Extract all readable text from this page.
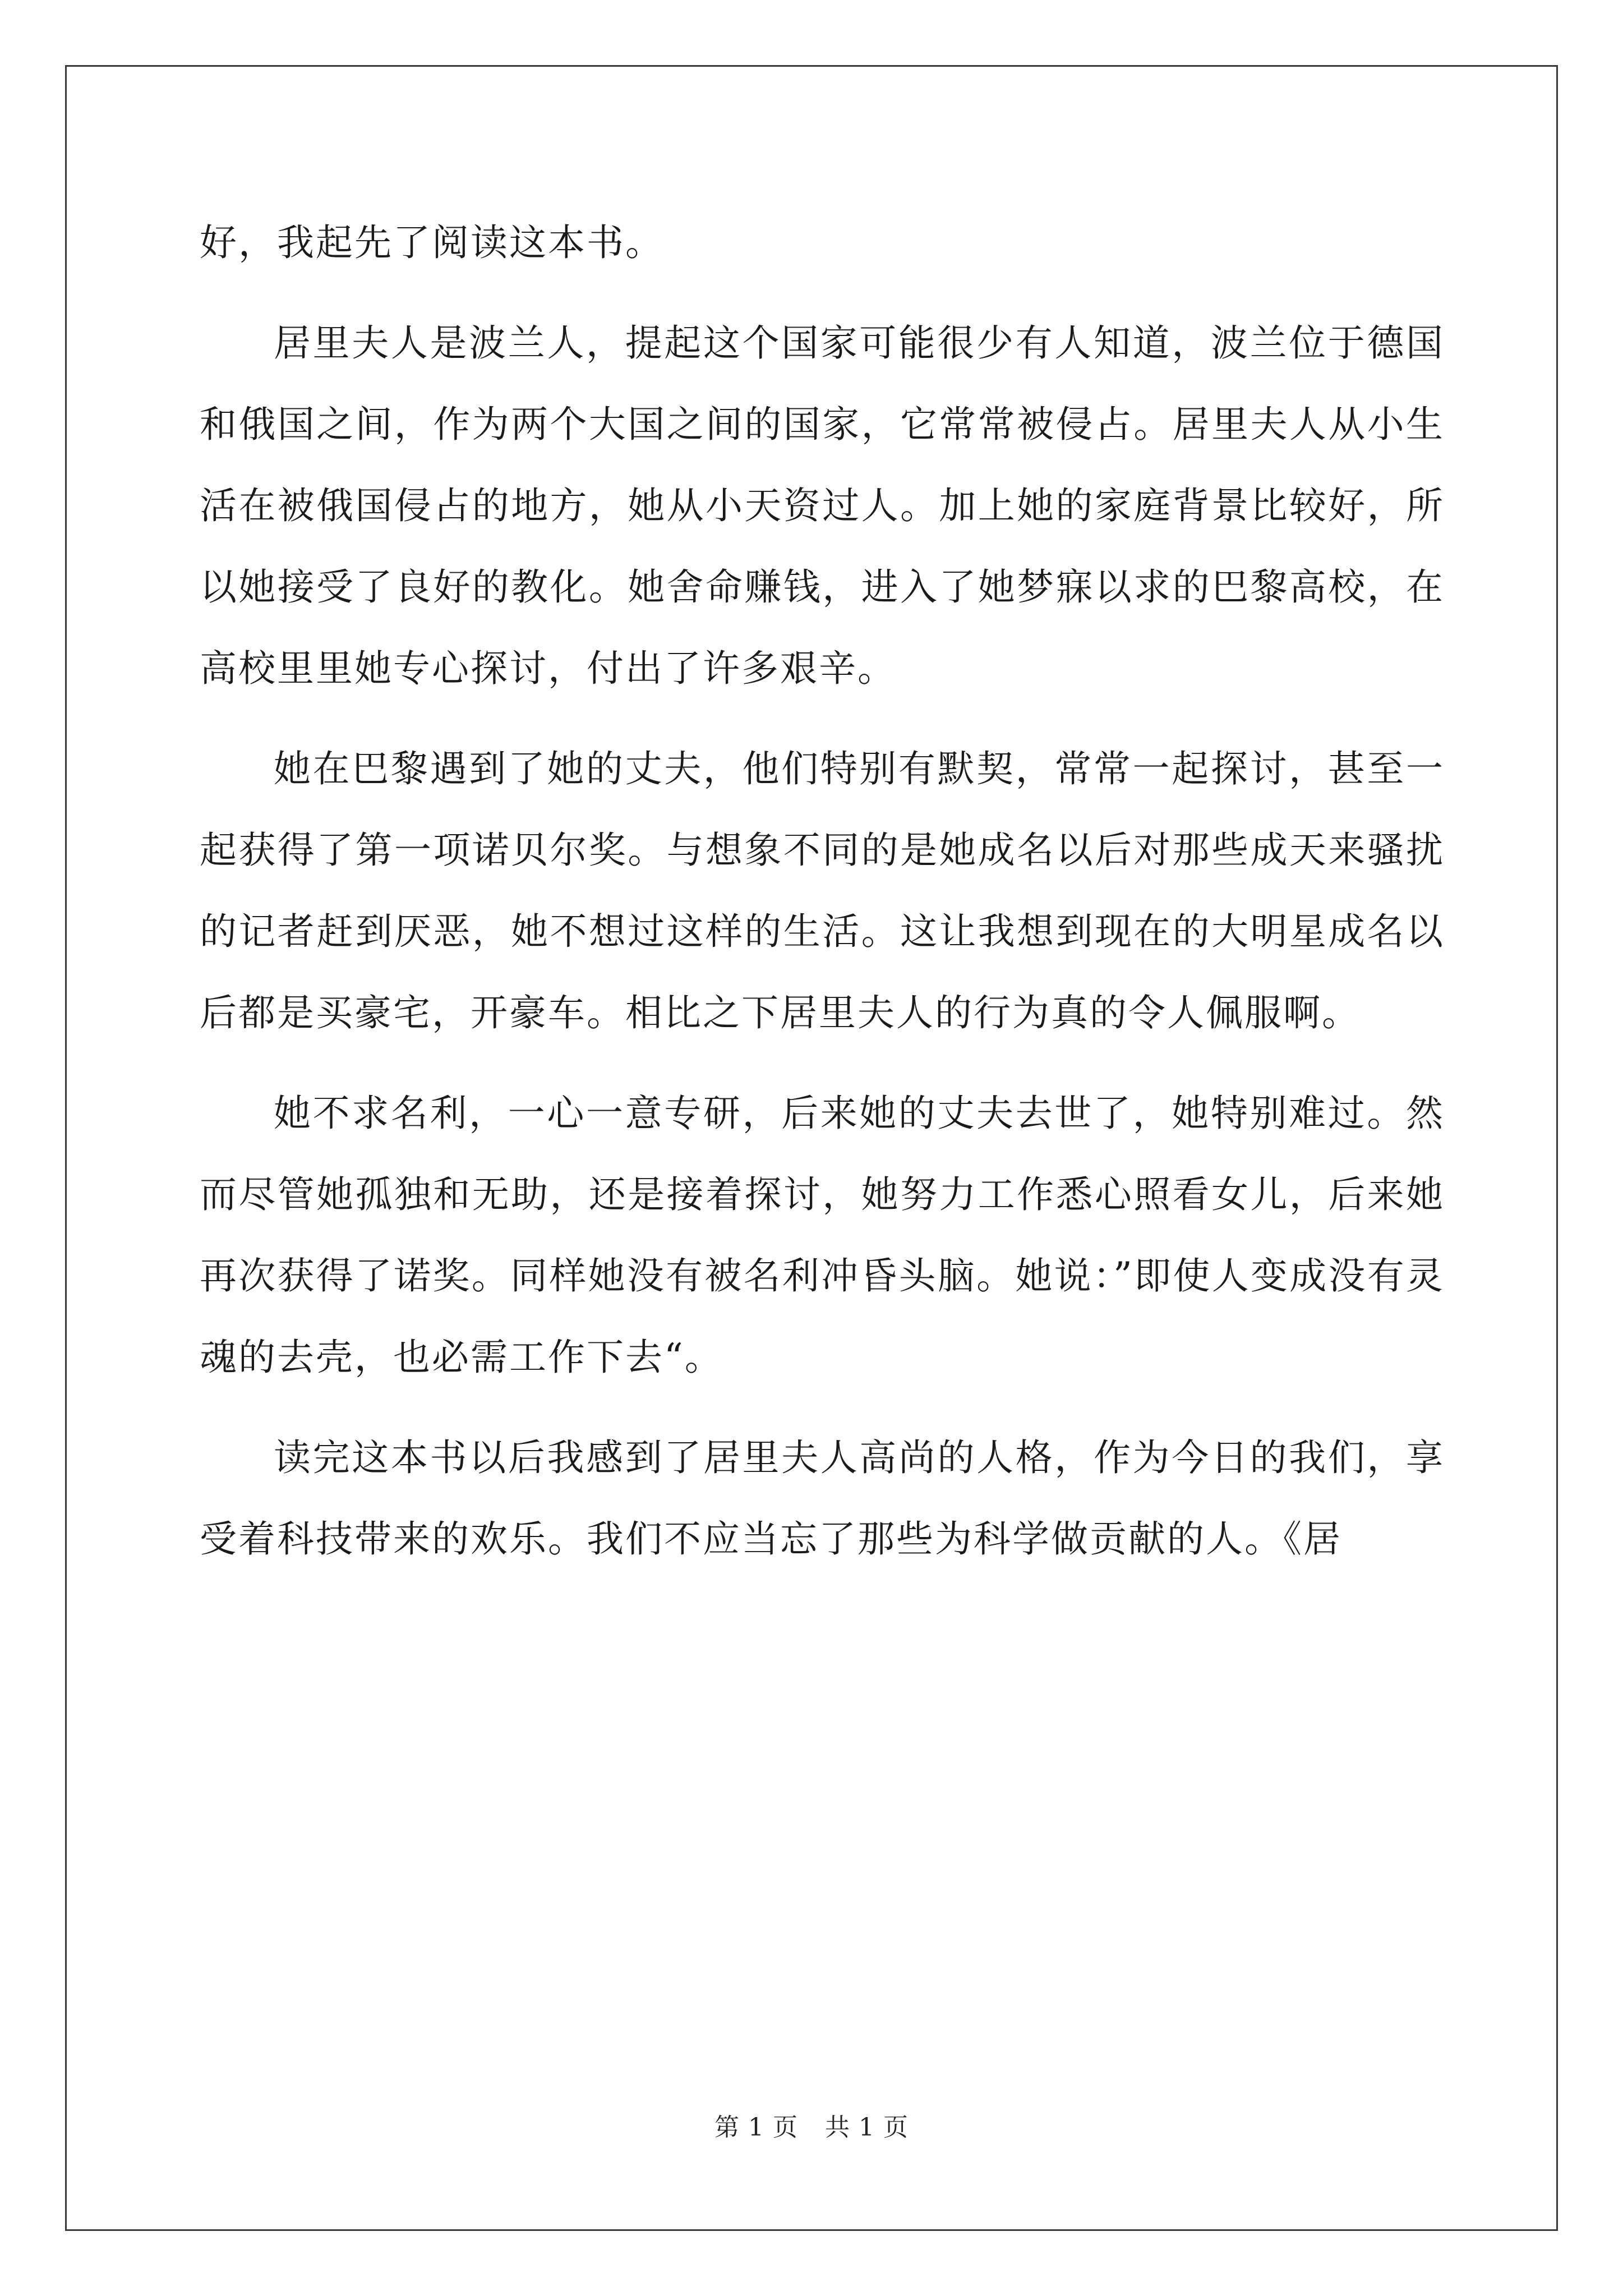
好，我起先了阅读这本书。

居里夫人是波兰人，提起这个国家可能很少有人知道，波兰位于德国和俄国之间，作为两个大国之间的国家，它常常被侵占。居里夫人从小生活在被俄国侵占的地方，她从小天资过人。加上她的家庭背景比较好，所以她接受了良好的教化。她舍命赚钱，进入了她梦寐以求的巴黎高校，在高校里里她专心探讨，付出了许多艰辛。

她在巴黎遇到了她的丈夫，他们特别有默契，常常一起探讨，甚至一起获得了第一项诺贝尔奖。与想象不同的是她成名以后对那些成天来骚扰的记者赶到厌恶，她不想过这样的生活。这让我想到现在的大明星成名以后都是买豪宅，开豪车。相比之下居里夫人的行为真的令人佩服啊。

她不求名利，一心一意专研，后来她的丈夫去世了，她特别难过。然而尽管她孤独和无助，还是接着探讨，她努力工作悉心照看女儿，后来她再次获得了诺奖。同样她没有被名利冲昏头脑。她说：”即使人变成没有灵魂的去壳，也必需工作下去“。

读完这本书以后我感到了居里夫人高尚的人格，作为今日的我们，享受着科技带来的欢乐。我们不应当忘了那些为科学做贡献的人。《居

第 1 页 共 1 页
